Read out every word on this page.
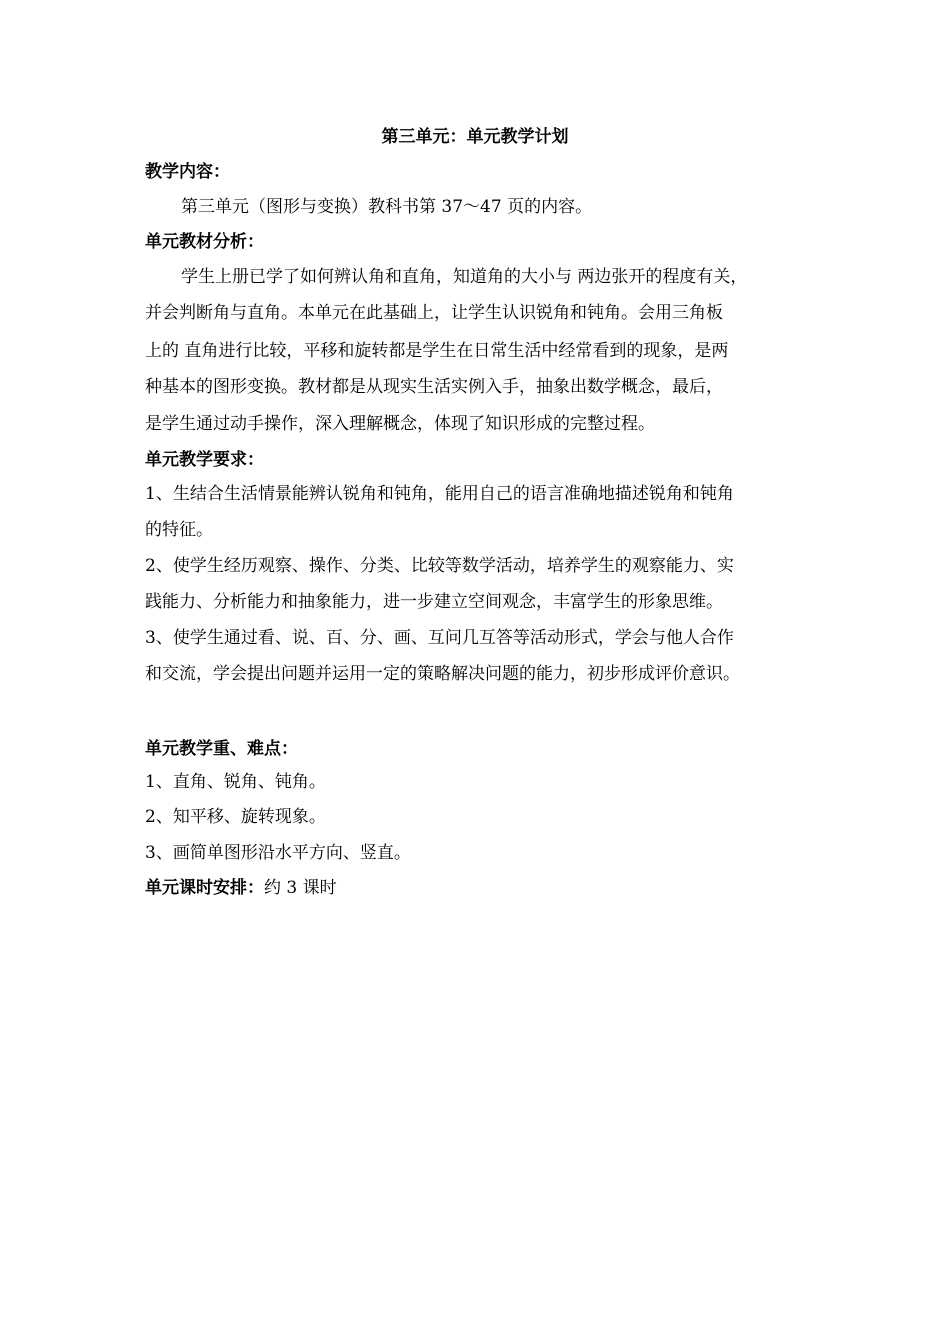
第三单元：单元教学计划
教学内容：
第三单元（图形与变换）教科书第 37～47 页的内容。
单元教材分析：
学生上册已学了如何辨认角和直角，知道角的大小与 两边张开的程度有关，
并会判断角与直角。本单元在此基础上，让学生认识锐角和钝角。会用三角板
上的 直角进行比较，平移和旋转都是学生在日常生活中经常看到的现象，是两
种基本的图形变换。教材都是从现实生活实例入手，抽象出数学概念，最后，
是学生通过动手操作，深入理解概念，体现了知识形成的完整过程。
单元教学要求：
1、生结合生活情景能辨认锐角和钝角，能用自己的语言准确地描述锐角和钝角
的特征。
2、使学生经历观察、操作、分类、比较等数学活动，培养学生的观察能力、实
践能力、分析能力和抽象能力，进一步建立空间观念，丰富学生的形象思维。
3、使学生通过看、说、百、分、画、互问几互答等活动形式，学会与他人合作
和交流，学会提出问题并运用一定的策略解决问题的能力，初步形成评价意识。
单元教学重、难点：
1、直角、锐角、钝角。
2、知平移、旋转现象。
3、画简单图形沿水平方向、竖直。
单元课时安排：约 3 课时
